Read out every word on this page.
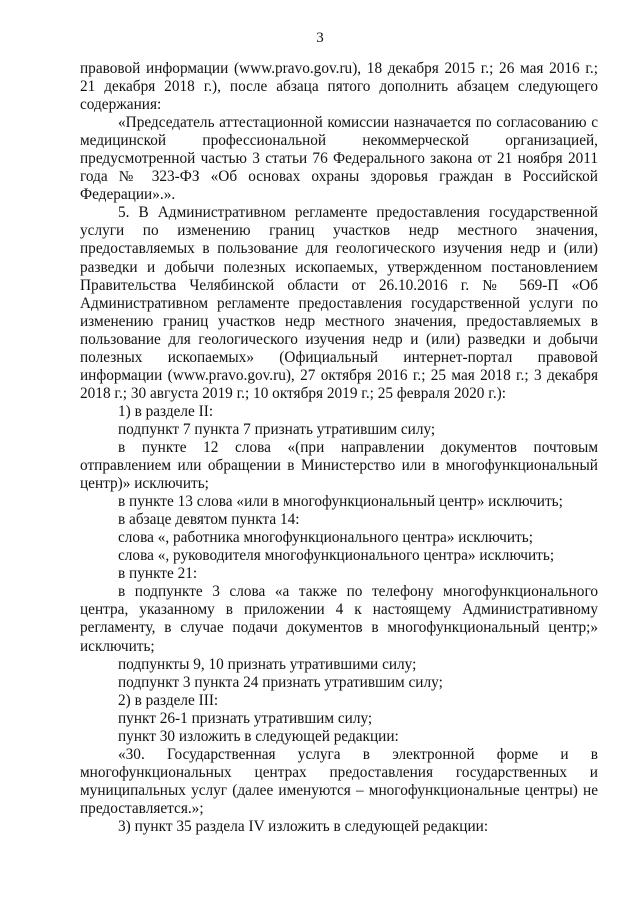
3

правовой информации (www.pravo.gov.ru), 18 декабря 2015 г.; 26 мая 2016 г.; 21 декабря 2018 г.), после абзаца пятого дополнить абзацем следующего содержания:

«Председатель аттестационной комиссии назначается по согласованию с медицинской профессиональной некоммерческой организацией, предусмотренной частью 3 статьи 76 Федерального закона от 21 ноября 2011 года № 323-ФЗ «Об основах охраны здоровья граждан в Российской Федерации».».

5. В Административном регламенте предоставления государственной услуги по изменению границ участков недр местного значения, предоставляемых в пользование для геологического изучения недр и (или) разведки и добычи полезных ископаемых, утвержденном постановлением Правительства Челябинской области от 26.10.2016 г. № 569-П «Об Административном регламенте предоставления государственной услуги по изменению границ участков недр местного значения, предоставляемых в пользование для геологического изучения недр и (или) разведки и добычи полезных ископаемых» (Официальный интернет-портал правовой информации (www.pravo.gov.ru), 27 октября 2016 г.; 25 мая 2018 г.; 3 декабря 2018 г.; 30 августа 2019 г.; 10 октября 2019 г.; 25 февраля 2020 г.):

1) в разделе II:

подпункт 7 пункта 7 признать утратившим силу;

в пункте 12 слова «(при направлении документов почтовым отправлением или обращении в Министерство или в многофункциональный центр)» исключить;

в пункте 13 слова «или в многофункциональный центр» исключить;

в абзаце девятом пункта 14:

слова «, работника многофункционального центра» исключить;

слова «, руководителя многофункционального центра» исключить;

в пункте 21:

в подпункте 3 слова «а также по телефону многофункционального центра, указанному в приложении 4 к настоящему Административному регламенту, в случае подачи документов в многофункциональный центр;» исключить;

подпункты 9, 10 признать утратившими силу;

подпункт 3 пункта 24 признать утратившим силу;

2) в разделе III:

пункт 26-1 признать утратившим силу;

пункт 30 изложить в следующей редакции:

«30. Государственная услуга в электронной форме и в многофункциональных центрах предоставления государственных и муниципальных услуг (далее именуются – многофункциональные центры) не предоставляется.»;

3) пункт 35 раздела IV изложить в следующей редакции:
